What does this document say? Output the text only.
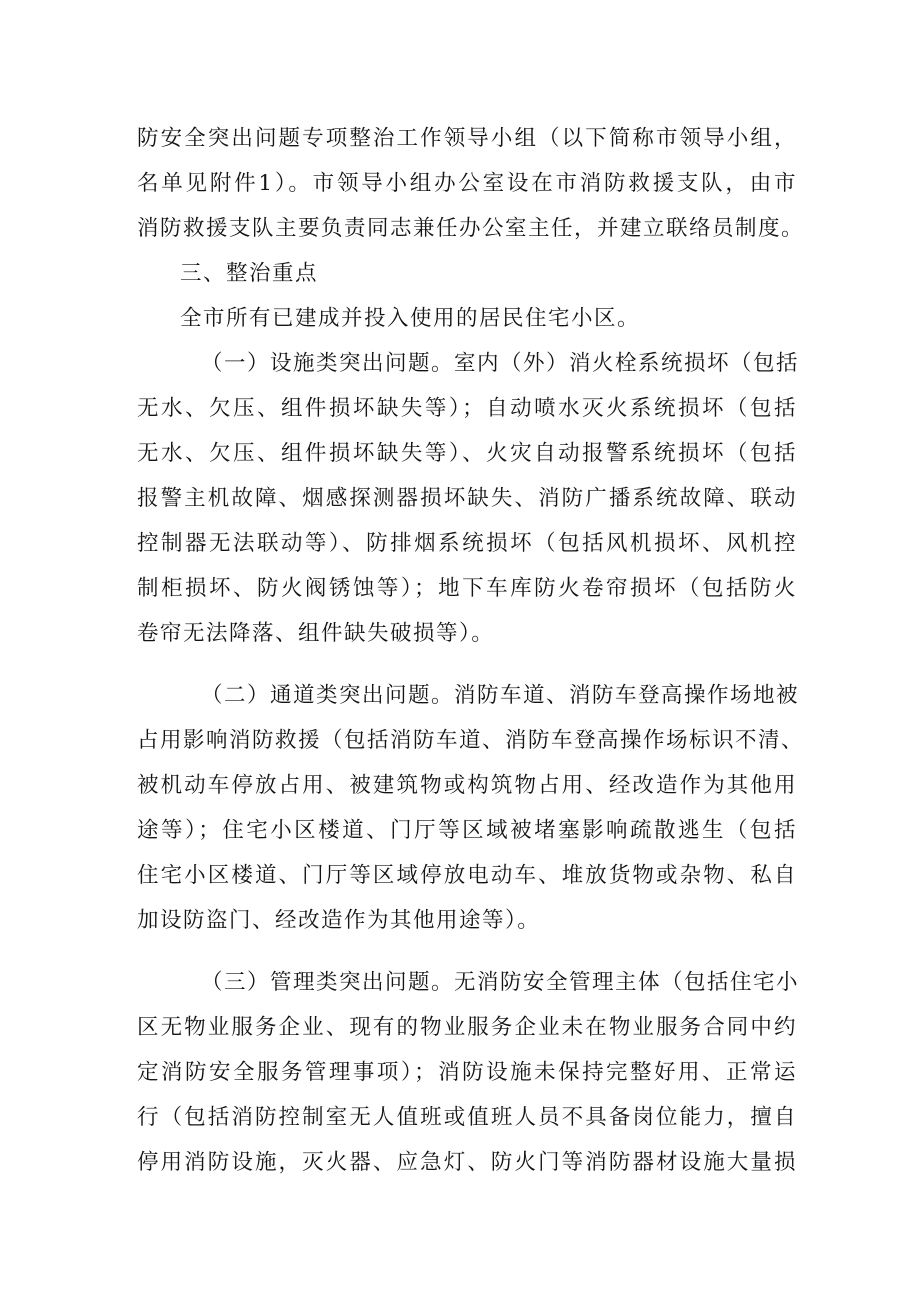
防安全突出问题专项整治工作领导小组（以下简称市领导小组，
名单见附件1）。市领导小组办公室设在市消防救援支队，由市
消防救援支队主要负责同志兼任办公室主任，并建立联络员制度。
三、整治重点
全市所有已建成并投入使用的居民住宅小区。
（一）设施类突出问题。室内（外）消火栓系统损坏（包括
无水、欠压、组件损坏缺失等）；自动喷水灭火系统损坏（包括
无水、欠压、组件损坏缺失等）、火灾自动报警系统损坏（包括
报警主机故障、烟感探测器损坏缺失、消防广播系统故障、联动
控制器无法联动等）、防排烟系统损坏（包括风机损坏、风机控
制柜损坏、防火阀锈蚀等）；地下车库防火卷帘损坏（包括防火
卷帘无法降落、组件缺失破损等）。
（二）通道类突出问题。消防车道、消防车登高操作场地被
占用影响消防救援（包括消防车道、消防车登高操作场标识不清、
被机动车停放占用、被建筑物或构筑物占用、经改造作为其他用
途等）；住宅小区楼道、门厅等区域被堵塞影响疏散逃生（包括
住宅小区楼道、门厅等区域停放电动车、堆放货物或杂物、私自
加设防盗门、经改造作为其他用途等）。
（三）管理类突出问题。无消防安全管理主体（包括住宅小
区无物业服务企业、现有的物业服务企业未在物业服务合同中约
定消防安全服务管理事项）；消防设施未保持完整好用、正常运
行（包括消防控制室无人值班或值班人员不具备岗位能力，擅自
停用消防设施，灭火器、应急灯、防火门等消防器材设施大量损
